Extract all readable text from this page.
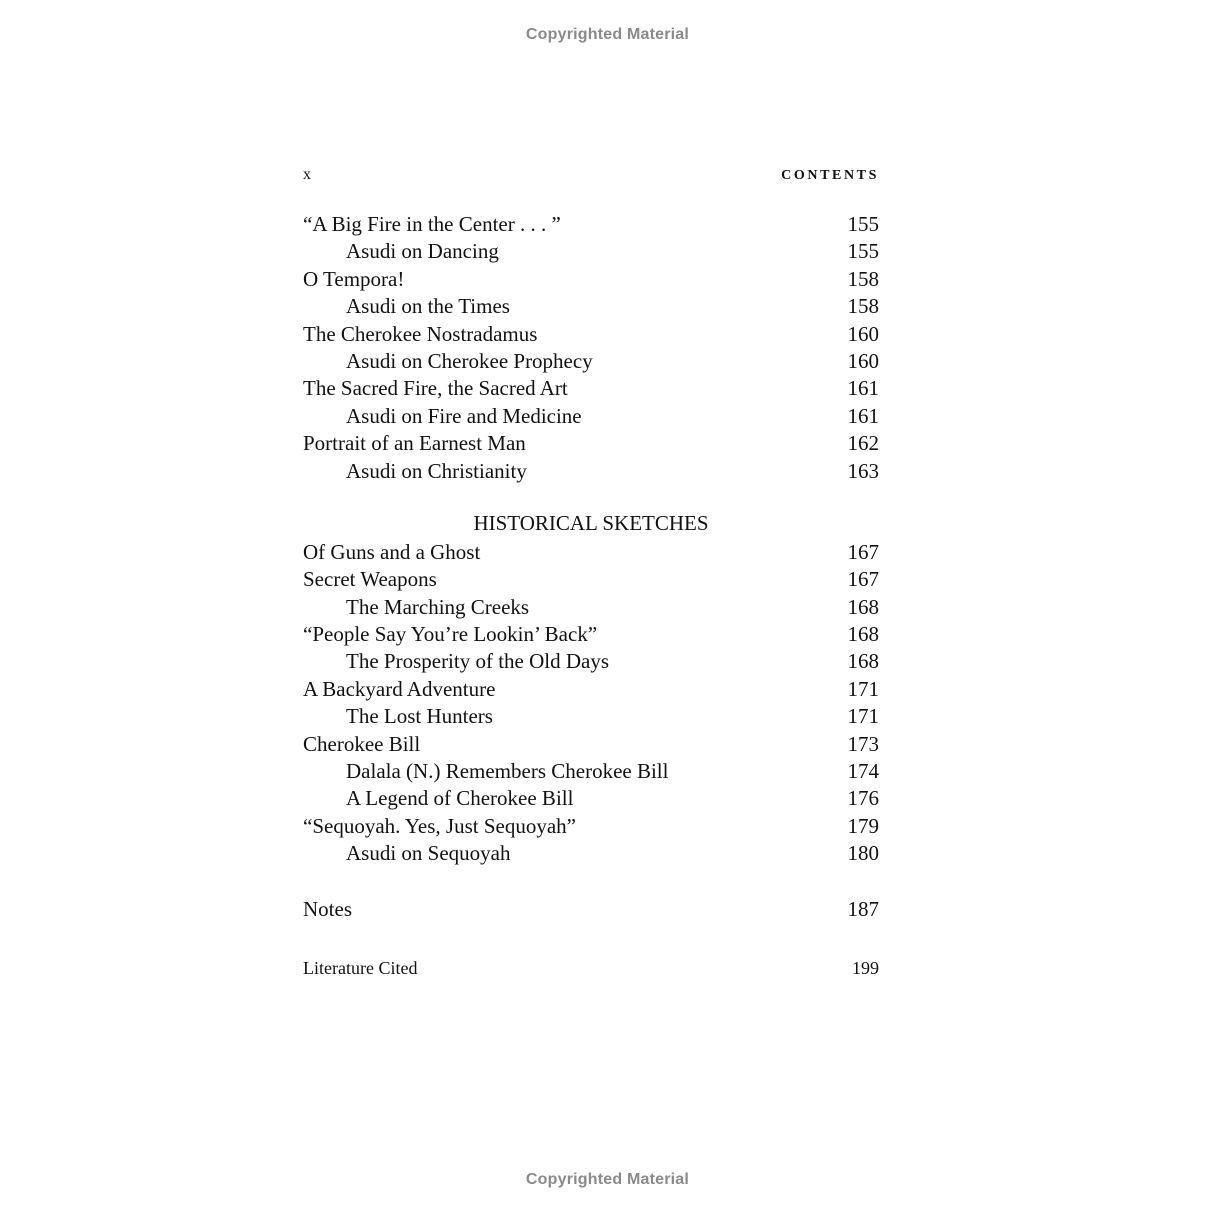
Copyrighted Material
x	CONTENTS
“A Big Fire in the Center . . . ”	155
Asudi on Dancing	155
O Tempora!	158
Asudi on the Times	158
The Cherokee Nostradamus	160
Asudi on Cherokee Prophecy	160
The Sacred Fire, the Sacred Art	161
Asudi on Fire and Medicine	161
Portrait of an Earnest Man	162
Asudi on Christianity	163
HISTORICAL SKETCHES
Of Guns and a Ghost	167
Secret Weapons	167
The Marching Creeks	168
“People Say You’re Lookin’ Back”	168
The Prosperity of the Old Days	168
A Backyard Adventure	171
The Lost Hunters	171
Cherokee Bill	173
Dalala (N.) Remembers Cherokee Bill	174
A Legend of Cherokee Bill	176
“Sequoyah. Yes, Just Sequoyah”	179
Asudi on Sequoyah	180
Notes	187
Literature Cited	199
Copyrighted Material
